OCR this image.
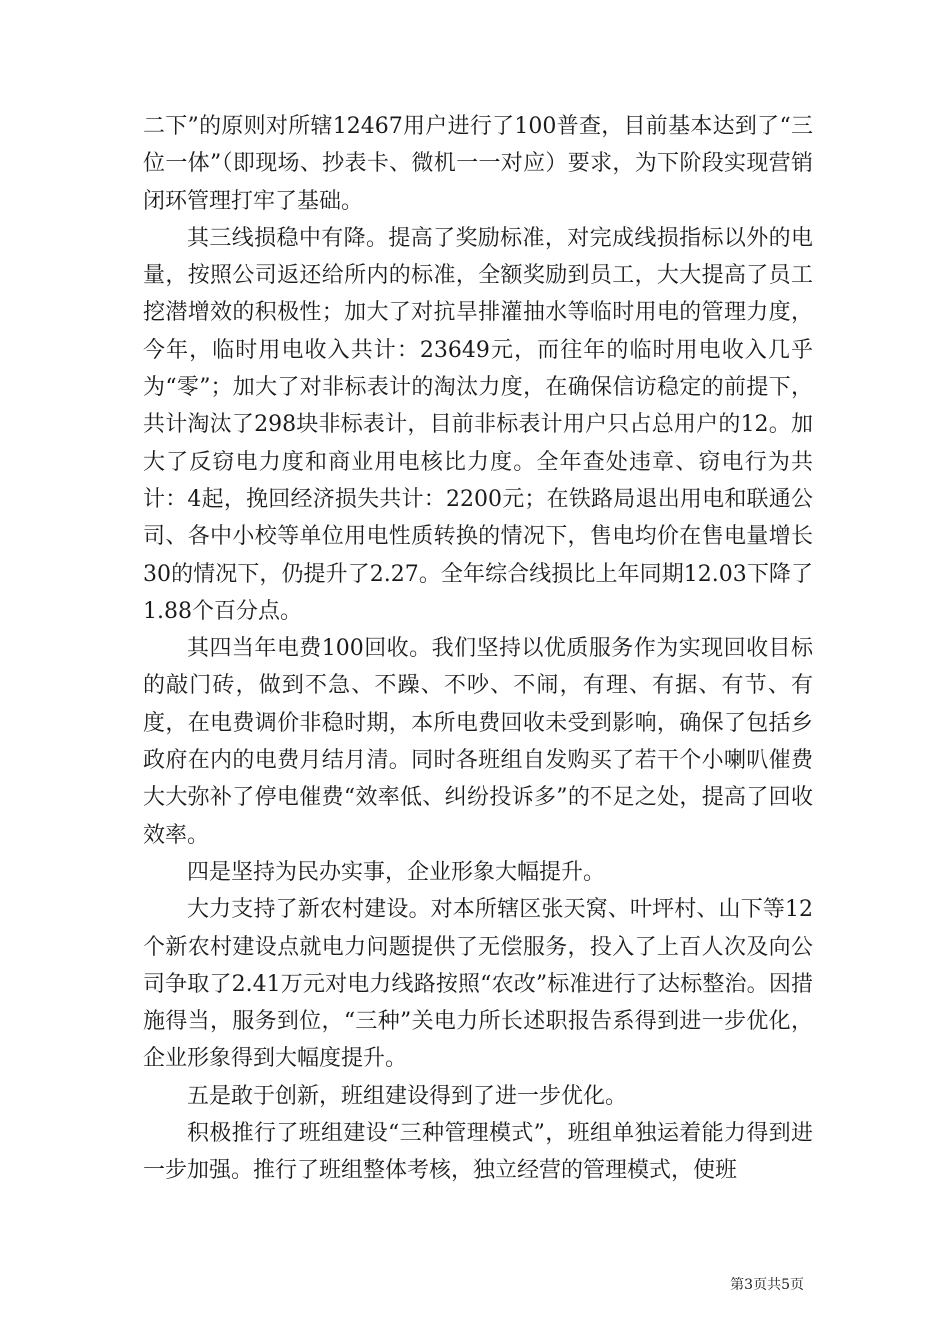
二下”的原则对所辖12467用户进行了100普查，目前基本达到了“三位一体”（即现场、抄表卡、微机一一对应）要求，为下阶段实现营销闭环管理打牢了基础。

其三线损稳中有降。提高了奖励标准，对完成线损指标以外的电量，按照公司返还给所内的标准，全额奖励到员工，大大提高了员工挖潜增效的积极性；加大了对抗旱排灌抽水等临时用电的管理力度，今年，临时用电收入共计：23649元，而往年的临时用电收入几乎为“零”；加大了对非标表计的淘汰力度，在确保信访稳定的前提下，共计淘汰了298块非标表计，目前非标表计用户只占总用户的12。加大了反窃电力度和商业用电核比力度。全年查处违章、窃电行为共计：4起，挽回经济损失共计：2200元；在铁路局退出用电和联通公司、各中小校等单位用电性质转换的情况下，售电均价在售电量增长30的情况下，仍提升了2.27。全年综合线损比上年同期12.03下降了1.88个百分点。

其四当年电费100回收。我们坚持以优质服务作为实现回收目标的敲门砖，做到不急、不躁、不吵、不闹，有理、有据、有节、有度，在电费调价非稳时期，本所电费回收未受到影响，确保了包括乡政府在内的电费月结月清。同时各班组自发购买了若干个小喇叭催费大大弥补了停电催费“效率低、纠纷投诉多”的不足之处，提高了回收效率。

四是坚持为民办实事，企业形象大幅提升。

大力支持了新农村建设。对本所辖区张天窝、叶坪村、山下等12个新农村建设点就电力问题提供了无偿服务，投入了上百人次及向公司争取了2.41万元对电力线路按照“农改”标准进行了达标整治。因措施得当，服务到位，“三种”关电力所长述职报告系得到进一步优化，企业形象得到大幅度提升。

五是敢于创新，班组建设得到了进一步优化。

积极推行了班组建设“三种管理模式”，班组单独运着能力得到进一步加强。推行了班组整体考核，独立经营的管理模式，使班

第3页共5页
